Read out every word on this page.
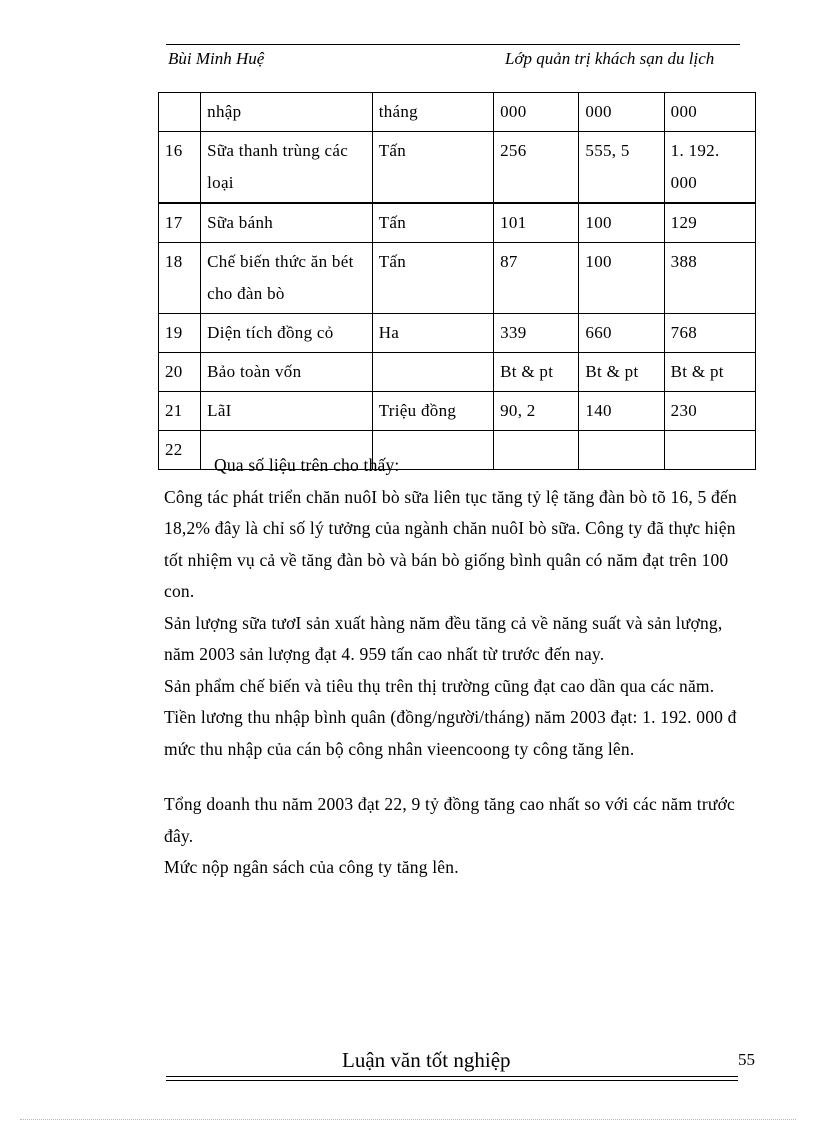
Bùi Minh Huệ	Lớp quản trị khách sạn du lịch
	nhập	tháng	000	000	000
16	Sữa thanh trùng các loại	Tấn	256	555, 5	1. 192. 000
17	Sữa bánh	Tấn	101	100	129
18	Chế biến thức ăn bét cho đàn bò	Tấn	87	100	388
19	Diện tích đồng cỏ	Ha	339	660	768
20	Bảo toàn vốn		Bt & pt	Bt & pt	Bt & pt
21	LãI	Triệu đồng	90, 2	140	230
22					

Qua số liệu trên cho thấy:

Công tác phát triển chăn nuôI bò sữa liên tục tăng tỷ lệ tăng đàn bò tõ 16, 5 đến 18,2% đây là chỉ số lý tưởng của ngành chăn nuôI bò sữa. Công ty đã thực hiện tốt nhiệm vụ cả về tăng đàn bò và bán bò giống bình quân có năm đạt trên 100 con.

Sản lượng sữa tươI sản xuất hàng năm đều tăng cả về năng suất và sản lượng, năm 2003 sản lượng đạt 4. 959 tấn cao nhất từ trước đến nay.

Sản phẩm chế biến và tiêu thụ trên thị trường cũng đạt cao dần qua các năm.

Tiền lương thu nhập bình quân (đồng/người/tháng) năm 2003 đạt: 1. 192. 000 đ mức thu nhập của cán bộ công nhân vieencoong ty công tăng lên.

Tổng doanh thu năm 2003 đạt 22, 9 tỷ đồng tăng cao nhất so với các năm trước đây.

Mức nộp ngân sách của công ty tăng lên.

Luận văn tốt nghiệp	55
